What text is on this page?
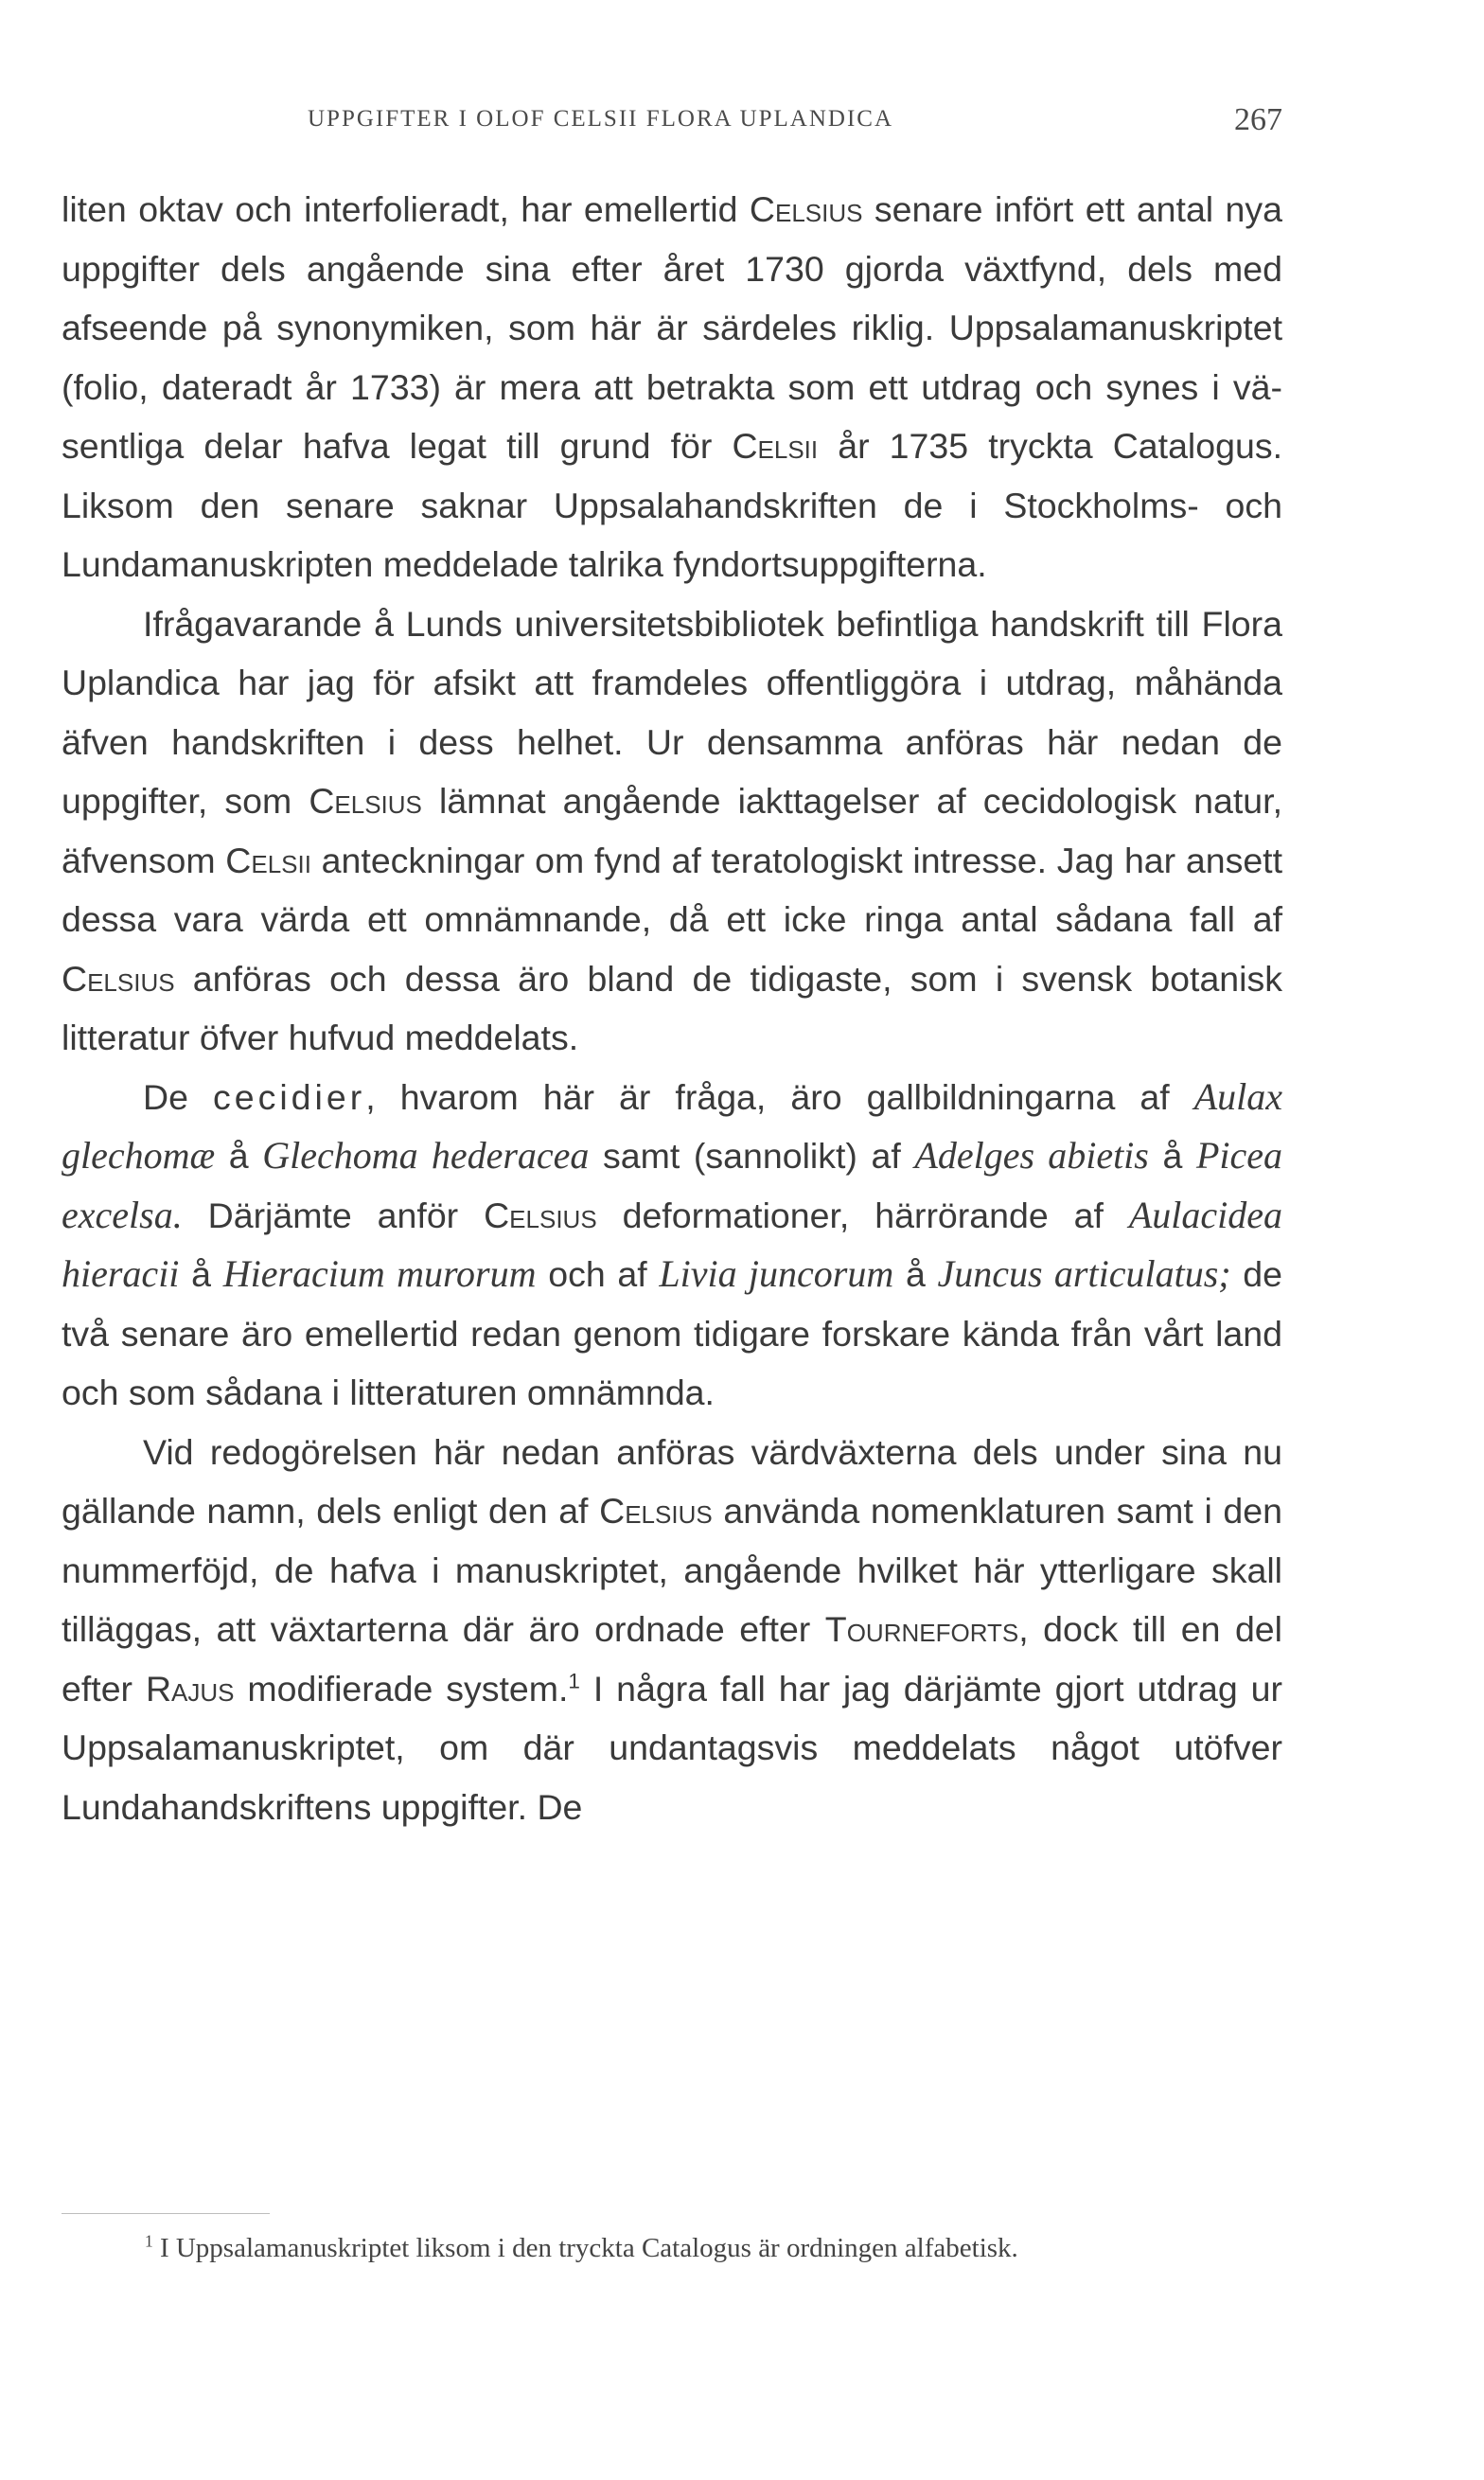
UPPGIFTER I OLOF CELSII FLORA UPLANDICA	267

liten oktav och interfolieradt, har emellertid Celsius senare infört ett antal nya uppgifter dels angående sina efter året 1730 gjorda växtfynd, dels med afseende på synonymiken, som här är särdeles riklig. Uppsalamanuskriptet (folio, dateradt år 1733) är mera att betrakta som ett utdrag och synes i väsentliga delar hafva legat till grund för Celsii år 1735 tryckta Catalogus. Liksom den senare saknar Uppsalahandskriften de i Stockholms- och Lundamanuskripten meddelade talrika fyndortsuppgifterna.

Ifrågavarande å Lunds universitetsbibliotek befintliga handskrift till Flora Uplandica har jag för afsikt att framdeles offentliggöra i utdrag, måhända äfven handskriften i dess helhet. Ur densamma anföras här nedan de uppgifter, som Celsius lämnat angående iakttagelser af cecidologisk natur, äfvensom Celsii anteckningar om fynd af teratologiskt intresse. Jag har ansett dessa vara värda ett omnämnande, då ett icke ringa antal sådana fall af Celsius anföras och dessa äro bland de tidigaste, som i svensk botanisk litteratur öfver hufvud meddelats.

De cecidier, hvarom här är fråga, äro gallbildningarna af Aulax glechomæ å Glechoma hederacea samt (sannolikt) af Adelges abietis å Picea excelsa. Därjämte anför Celsius deformationer, härrörande af Aulacidea hieracii å Hieracium murorum och af Livia juncorum å Juncus articulatus; de två senare äro emellertid redan genom tidigare forskare kända från vårt land och som sådana i litteraturen omnämnda.

Vid redogörelsen här nedan anföras värdväxterna dels under sina nu gällande namn, dels enligt den af Celsius använda nomenklaturen samt i den nummerföjd, de hafva i manuskriptet, angående hvilket här ytterligare skall tilläggas, att växtarterna där äro ordnade efter Tourneforts, dock till en del efter Rajus modifierade system.$^1$ I några fall har jag därjämte gjort utdrag ur Uppsalamanuskriptet, om där undantagsvis meddelats något utöfver Lundahandskriftens uppgifter. De

$^1$ I Uppsalamanuskriptet liksom i den tryckta Catalogus är ordningen alfabetisk.
